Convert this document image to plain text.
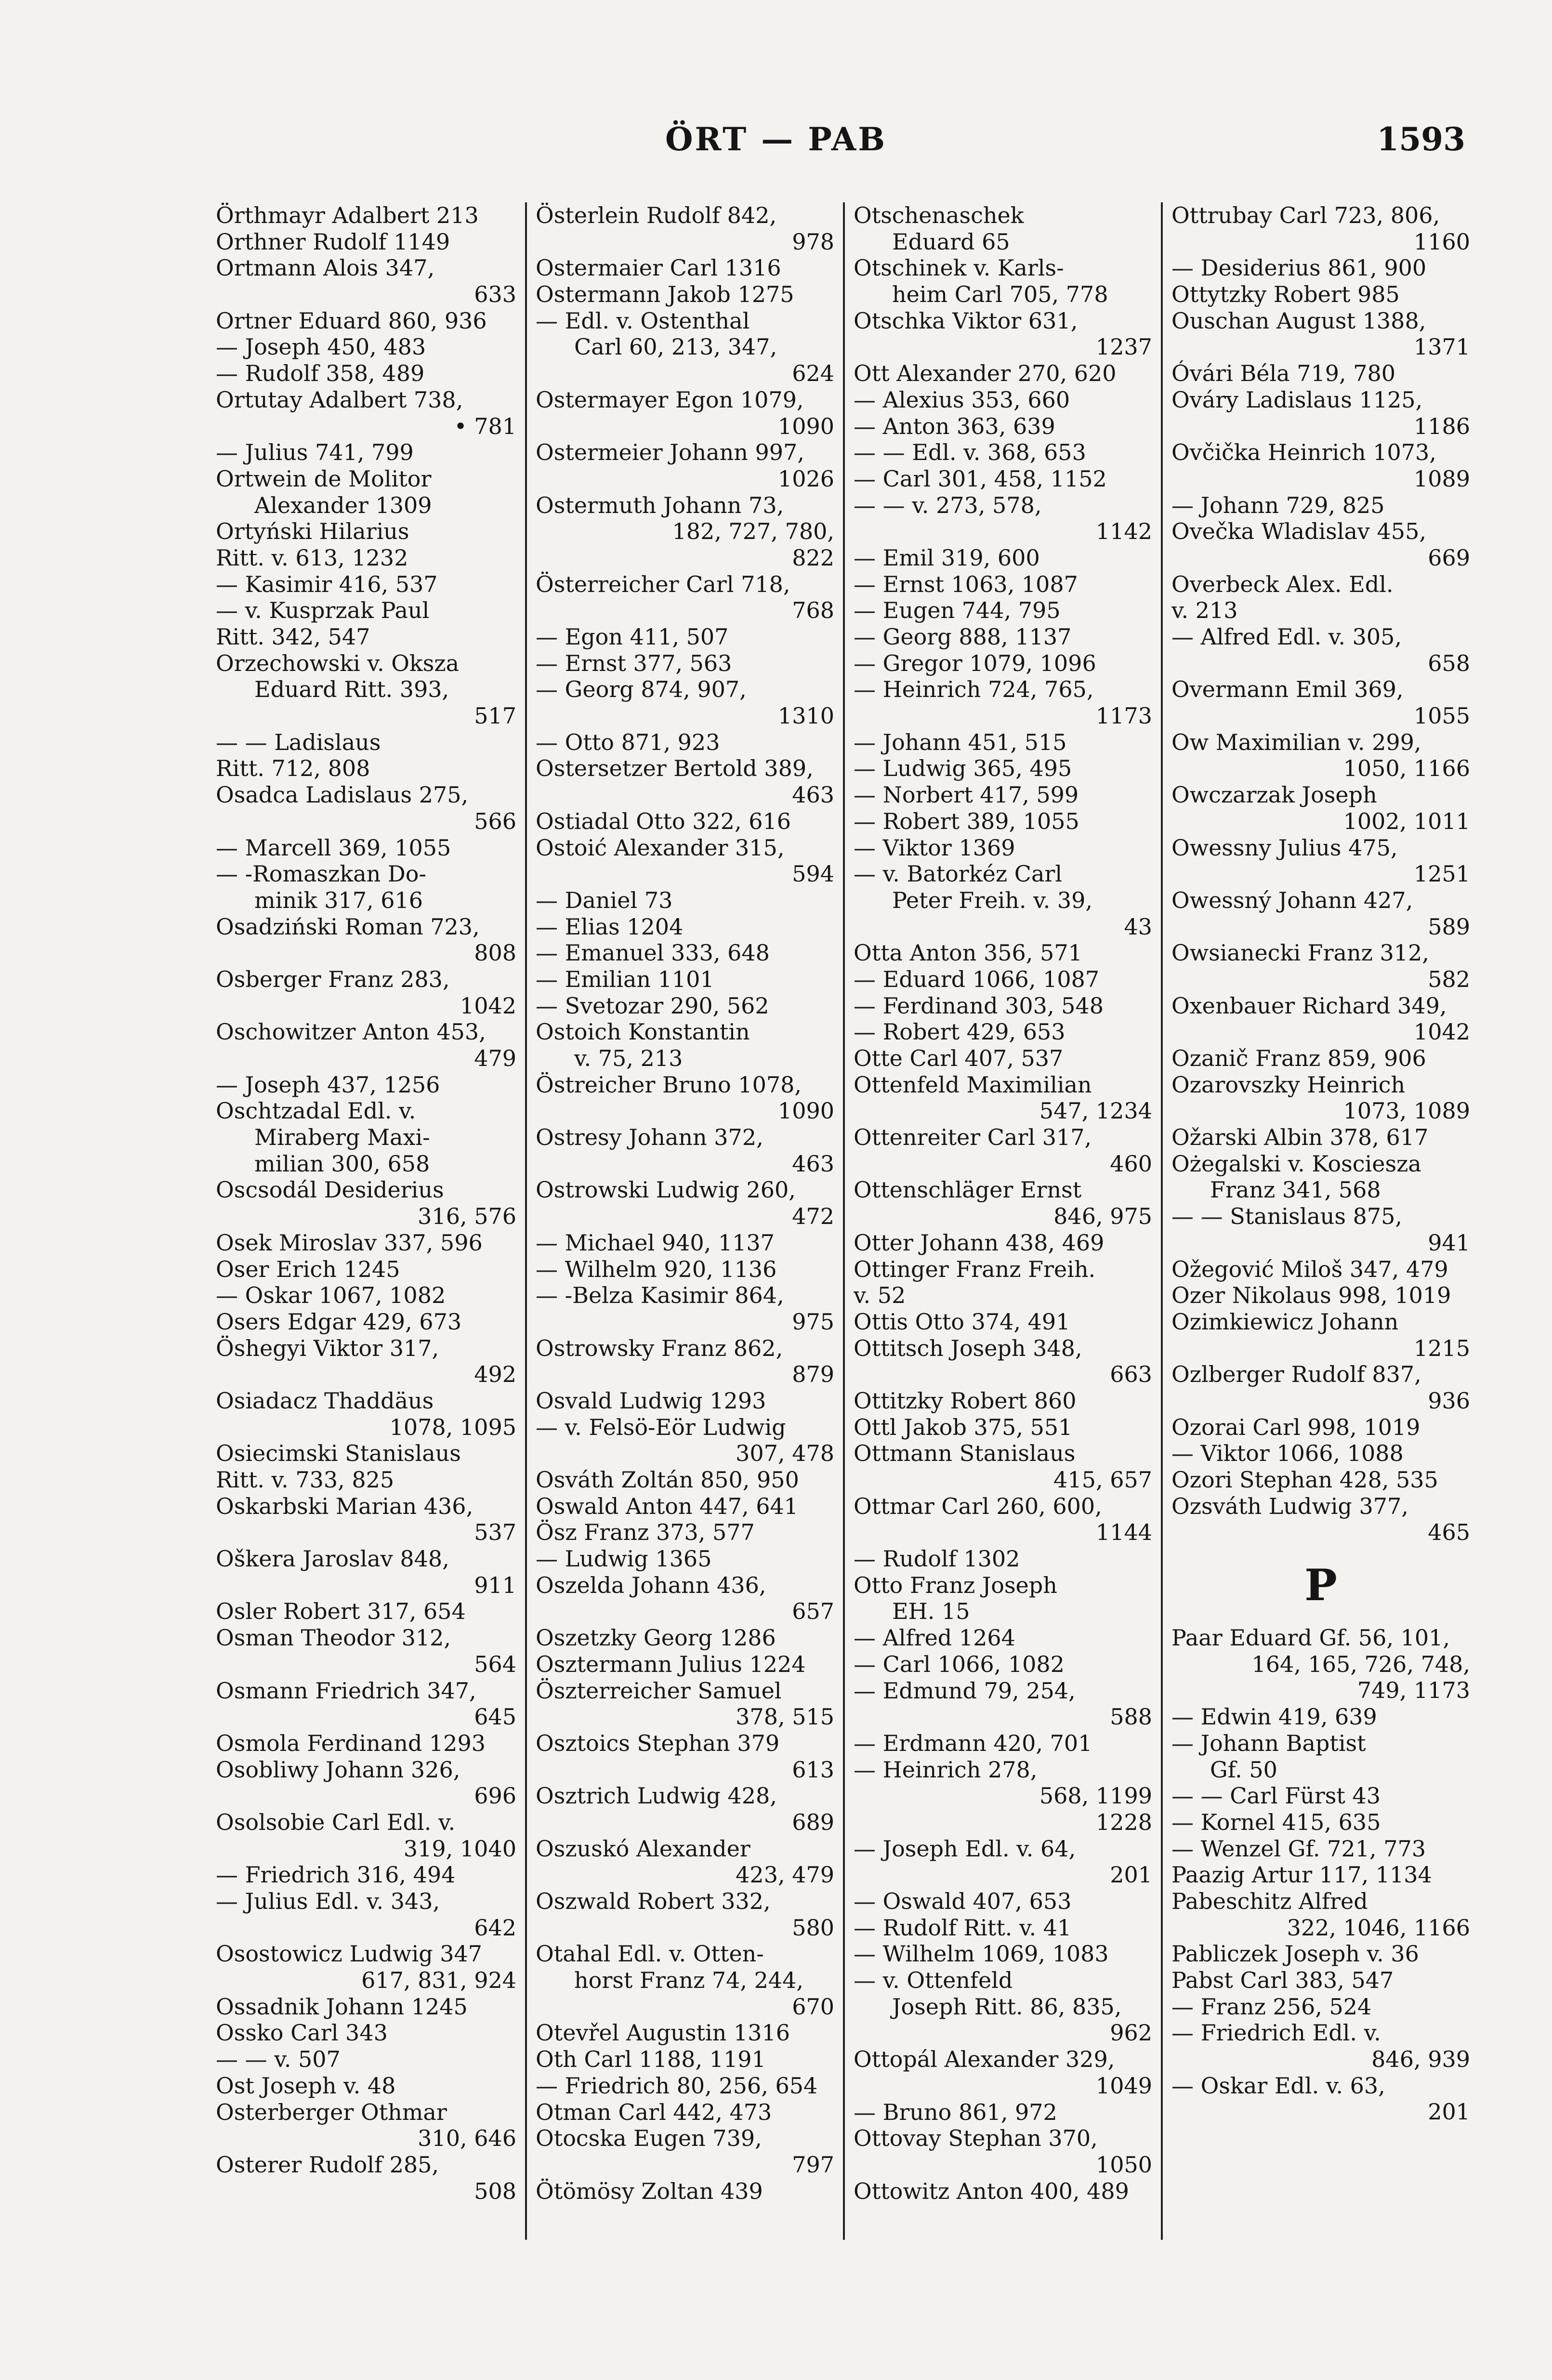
ÖRT — PAB	1593
Örthmayr Adalbert 213
Orthner Rudolf 1149
Ortmann Alois 347,
633
Ortner Eduard 860, 936
— Joseph 450, 483
— Rudolf 358, 489
Ortutay Adalbert 738,
• 781
— Julius 741, 799
Ortwein de Molitor
Alexander 1309
Ortyński Hilarius
Ritt. v. 613, 1232
— Kasimir 416, 537
— v. Kusprzak Paul
Ritt. 342, 547
Orzechowski v. Oksza
Eduard Ritt. 393,
517
— — Ladislaus
Ritt. 712, 808
Osadca Ladislaus 275,
566
— Marcell 369, 1055
— -Romaszkan Do-
minik 317, 616
Osadziński Roman 723,
808
Osberger Franz 283,
1042
Oschowitzer Anton 453,
479
— Joseph 437, 1256
Oschtzadal Edl. v.
Miraberg Maxi-
milian 300, 658
Oscsodál Desiderius
316, 576
Osek Miroslav 337, 596
Oser Erich 1245
— Oskar 1067, 1082
Osers Edgar 429, 673
Öshegyi Viktor 317,
492
Osiadacz Thaddäus
1078, 1095
Osiecimski Stanislaus
Ritt. v. 733, 825
Oskarbski Marian 436,
537
Oškera Jaroslav 848,
911
Osler Robert 317, 654
Osman Theodor 312,
564
Osmann Friedrich 347,
645
Osmola Ferdinand 1293
Osobliwy Johann 326,
696
Osolsobie Carl Edl. v.
319, 1040
— Friedrich 316, 494
— Julius Edl. v. 343,
642
Osostowicz Ludwig 347
617, 831, 924
Ossadnik Johann 1245
Ossko Carl 343
— — v. 507
Ost Joseph v. 48
Osterberger Othmar
310, 646
Osterer Rudolf 285,
508
Österlein Rudolf 842,
978
Ostermaier Carl 1316
Ostermann Jakob 1275
— Edl. v. Ostenthal
Carl 60, 213, 347,
624
Ostermayer Egon 1079,
1090
Ostermeier Johann 997,
1026
Ostermuth Johann 73,
182, 727, 780,
822
Österreicher Carl 718,
768
— Egon 411, 507
— Ernst 377, 563
— Georg 874, 907,
1310
— Otto 871, 923
Ostersetzer Bertold 389,
463
Ostiadal Otto 322, 616
Ostoić Alexander 315,
594
— Daniel 73
— Elias 1204
— Emanuel 333, 648
— Emilian 1101
— Svetozar 290, 562
Ostoich Konstantin
v. 75, 213
Östreicher Bruno 1078,
1090
Ostresy Johann 372,
463
Ostrowski Ludwig 260,
472
— Michael 940, 1137
— Wilhelm 920, 1136
— -Belza Kasimir 864,
975
Ostrowsky Franz 862,
879
Osvald Ludwig 1293
— v. Felsö-Eör Ludwig
307, 478
Osváth Zoltán 850, 950
Oswald Anton 447, 641
Ösz Franz 373, 577
— Ludwig 1365
Oszelda Johann 436,
657
Oszetzky Georg 1286
Osztermann Julius 1224
Öszterreicher Samuel
378, 515
Osztoics Stephan 379
613
Osztrich Ludwig 428,
689
Oszuskó Alexander
423, 479
Oszwald Robert 332,
580
Otahal Edl. v. Otten-
horst Franz 74, 244,
670
Otevřel Augustin 1316
Oth Carl 1188, 1191
— Friedrich 80, 256, 654
Otman Carl 442, 473
Otocska Eugen 739,
797
Ötömösy Zoltan 439
Otschenaschek
Eduard 65
Otschinek v. Karls-
heim Carl 705, 778
Otschka Viktor 631,
1237
Ott Alexander 270, 620
— Alexius 353, 660
— Anton 363, 639
— — Edl. v. 368, 653
— Carl 301, 458, 1152
— — v. 273, 578,
1142
— Emil 319, 600
— Ernst 1063, 1087
— Eugen 744, 795
— Georg 888, 1137
— Gregor 1079, 1096
— Heinrich 724, 765,
1173
— Johann 451, 515
— Ludwig 365, 495
— Norbert 417, 599
— Robert 389, 1055
— Viktor 1369
— v. Batorkéz Carl
Peter Freih. v. 39,
43
Otta Anton 356, 571
— Eduard 1066, 1087
— Ferdinand 303, 548
— Robert 429, 653
Otte Carl 407, 537
Ottenfeld Maximilian
547, 1234
Ottenreiter Carl 317,
460
Ottenschläger Ernst
846, 975
Otter Johann 438, 469
Ottinger Franz Freih.
v. 52
Ottis Otto 374, 491
Ottitsch Joseph 348,
663
Ottitzky Robert 860
Ottl Jakob 375, 551
Ottmann Stanislaus
415, 657
Ottmar Carl 260, 600,
1144
— Rudolf 1302
Otto Franz Joseph
EH. 15
— Alfred 1264
— Carl 1066, 1082
— Edmund 79, 254,
588
— Erdmann 420, 701
— Heinrich 278,
568, 1199
1228
— Joseph Edl. v. 64,
201
— Oswald 407, 653
— Rudolf Ritt. v. 41
— Wilhelm 1069, 1083
— v. Ottenfeld
Joseph Ritt. 86, 835,
962
Ottopál Alexander 329,
1049
— Bruno 861, 972
Ottovay Stephan 370,
1050
Ottowitz Anton 400, 489
Ottrubay Carl 723, 806,
1160
— Desiderius 861, 900
Ottytzky Robert 985
Ouschan August 1388,
1371
Óvári Béla 719, 780
Ováry Ladislaus 1125,
1186
Ovčička Heinrich 1073,
1089
— Johann 729, 825
Ovečka Wladislav 455,
669
Overbeck Alex. Edl.
v. 213
— Alfred Edl. v. 305,
658
Overmann Emil 369,
1055
Ow Maximilian v. 299,
1050, 1166
Owczarzak Joseph
1002, 1011
Owessny Julius 475,
1251
Owessný Johann 427,
589
Owsianecki Franz 312,
582
Oxenbauer Richard 349,
1042
Ozanič Franz 859, 906
Ozarovszky Heinrich
1073, 1089
Ožarski Albin 378, 617
Ożegalski v. Kosciesza
Franz 341, 568
— — Stanislaus 875,
941
Ožegović Miloš 347, 479
Ozer Nikolaus 998, 1019
Ozimkiewicz Johann
1215
Ozlberger Rudolf 837,
936
Ozorai Carl 998, 1019
— Viktor 1066, 1088
Ozori Stephan 428, 535
Ozsváth Ludwig 377,
465
P
Paar Eduard Gf. 56, 101,
164, 165, 726, 748,
749, 1173
— Edwin 419, 639
— Johann Baptist
Gf. 50
— — Carl Fürst 43
— Kornel 415, 635
— Wenzel Gf. 721, 773
Paazig Artur 117, 1134
Pabeschitz Alfred
322, 1046, 1166
Pabliczek Joseph v. 36
Pabst Carl 383, 547
— Franz 256, 524
— Friedrich Edl. v.
846, 939
— Oskar Edl. v. 63,
201
